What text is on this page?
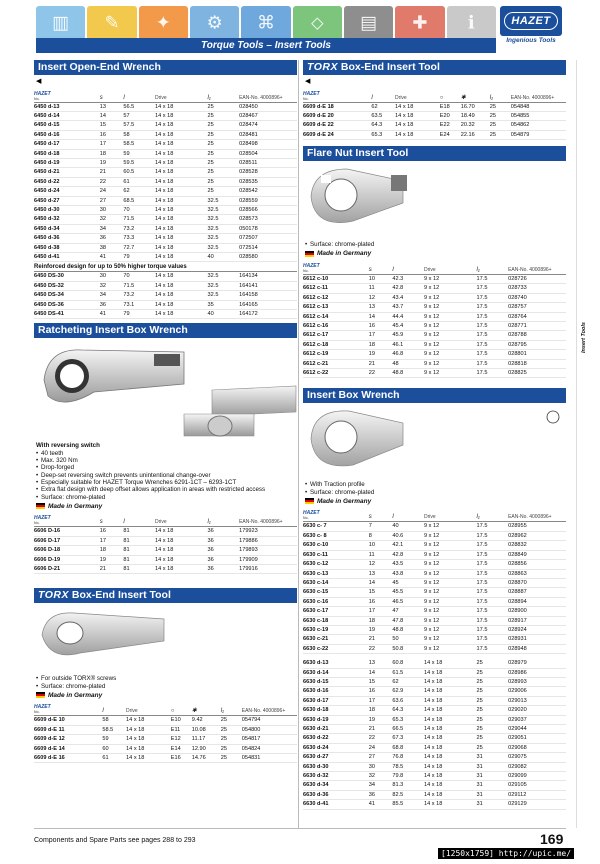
▥ ✎ ✦ ⚙ ⌘ ⬦ ▤ ✚ ℹ
Torque Tools – Insert Tools
HAZET
Ingenious Tools
Insert Tools
Insert Open-End Wrench
◀
HAZET
No.	s	l	Drive	l₁	EAN-No. 4000896+
6450 d-13	13	56.5	14 x 18	25	028450
6450 d-14	14	57	14 x 18	25	028467
6450 d-15	15	57.5	14 x 18	25	028474
6450 d-16	16	58	14 x 18	25	028481
6450 d-17	17	58.5	14 x 18	25	028498
6450 d-18	18	59	14 x 18	25	028504
6450 d-19	19	59.5	14 x 18	25	028511
6450 d-21	21	60.5	14 x 18	25	028528
6450 d-22	22	61	14 x 18	25	028535
6450 d-24	24	62	14 x 18	25	028542
6450 d-27	27	68.5	14 x 18	32.5	028559
6450 d-30	30	70	14 x 18	32.5	028566
6450 d-32	32	71.5	14 x 18	32.5	028573
6450 d-34	34	73.2	14 x 18	32.5	050178
6450 d-36	36	73.3	14 x 18	32.5	072507
6450 d-38	38	72.7	14 x 18	32.5	072514
6450 d-41	41	79	14 x 18	40	028580
Reinforced design for up to 50% higher torque values
6450 DS-30	30	70	14 x 18	32.5	164134
6450 DS-32	32	71.5	14 x 18	32.5	164141
6450 DS-34	34	73.2	14 x 18	32.5	164158
6450 DS-36	36	73.1	14 x 18	35	164165
6450 DS-41	41	79	14 x 18	40	164172
Ratcheting Insert Box Wrench
With reversing switch
• 40 teeth
• Max. 320 Nm
• Drop-forged
• Deep-set reversing switch prevents unintentional change-over
• Especially suitable for HAZET Torque Wrenches 6291-1CT – 6293-1CT
• Extra flat design with deep offset allows application in areas with restricted access
• Surface: chrome-plated
Made in Germany
HAZET
No.	s	l	Drive	l₁	EAN-No. 4000896+
6606 D-16	16	81	14 x 18	36	179923
6606 D-17	17	81	14 x 18	36	179886
6606 D-18	18	81	14 x 18	36	179893
6606 D-19	19	81	14 x 18	36	179909
6606 D-21	21	81	14 x 18	36	179916
TORX Box-End Insert Tool
• For outside TORX® screws
• Surface: chrome-plated
Made in Germany
HAZET
No.	l	Drive	○	✱	l₁	EAN-No. 4000896+
6609 d-E 10	58	14 x 18	E10	9.42	25	054794
6609 d-E 11	58.5	14 x 18	E11	10.08	25	054800
6609 d-E 12	59	14 x 18	E12	11.17	25	054817
6609 d-E 14	60	14 x 18	E14	12.90	25	054824
6609 d-E 16	61	14 x 18	E16	14.76	25	054831
TORX Box-End Insert Tool
◀
HAZET
No.	l	Drive	○	✱	l₁	EAN-No. 4000896+
6609 d-E 18	62	14 x 18	E18	16.70	25	054848
6609 d-E 20	63.5	14 x 18	E20	18.49	25	054855
6609 d-E 22	64.3	14 x 18	E22	20.32	25	054862
6609 d-E 24	65.3	14 x 18	E24	22.16	25	054879
Flare Nut Insert Tool
• Surface: chrome-plated
Made in Germany
HAZET
No.	s	l	Drive	l₁	EAN-No. 4000896+
6612 c-10	10	42.3	9 x 12	17.5	028726
6612 c-11	11	42.8	9 x 12	17.5	028733
6612 c-12	12	43.4	9 x 12	17.5	028740
6612 c-13	13	43.7	9 x 12	17.5	028757
6612 c-14	14	44.4	9 x 12	17.5	028764
6612 c-16	16	45.4	9 x 12	17.5	028771
6612 c-17	17	45.9	9 x 12	17.5	028788
6612 c-18	18	46.1	9 x 12	17.5	028795
6612 c-19	19	46.8	9 x 12	17.5	028801
6612 c-21	21	48	9 x 12	17.5	028818
6612 c-22	22	48.8	9 x 12	17.5	028825
Insert Box Wrench
• With Traction profile
• Surface: chrome-plated
Made in Germany
HAZET
No.	s	l	Drive	l₁	EAN-No. 4000896+
6630 c- 7	7	40	9 x 12	17.5	028955
6630 c- 8	8	40.6	9 x 12	17.5	028962
6630 c-10	10	42.1	9 x 12	17.5	028832
6630 c-11	11	42.8	9 x 12	17.5	028849
6630 c-12	12	43.5	9 x 12	17.5	028856
6630 c-13	13	43.8	9 x 12	17.5	028863
6630 c-14	14	45	9 x 12	17.5	028870
6630 c-15	15	45.5	9 x 12	17.5	028887
6630 c-16	16	46.5	9 x 12	17.5	028894
6630 c-17	17	47	9 x 12	17.5	028900
6630 c-18	18	47.8	9 x 12	17.5	028917
6630 c-19	19	48.8	9 x 12	17.5	028924
6630 c-21	21	50	9 x 12	17.5	028931
6630 c-22	22	50.8	9 x 12	17.5	028948
6630 d-13	13	60.8	14 x 18	25	028979
6630 d-14	14	61.5	14 x 18	25	028986
6630 d-15	15	62	14 x 18	25	028993
6630 d-16	16	62.9	14 x 18	25	029006
6630 d-17	17	63.6	14 x 18	25	029013
6630 d-18	18	64.3	14 x 18	25	029020
6630 d-19	19	65.3	14 x 18	25	029037
6630 d-21	21	66.5	14 x 18	25	029044
6630 d-22	22	67.3	14 x 18	25	029051
6630 d-24	24	68.8	14 x 18	25	029068
6630 d-27	27	76.8	14 x 18	31	029075
6630 d-30	30	78.5	14 x 18	31	029082
6630 d-32	32	79.8	14 x 18	31	029099
6630 d-34	34	81.3	14 x 18	31	029105
6630 d-36	36	82.5	14 x 18	31	029112
6630 d-41	41	85.5	14 x 18	31	029129
Components and Spare Parts see pages 288 to 293	169
[1250x1759] http://upic.me/
